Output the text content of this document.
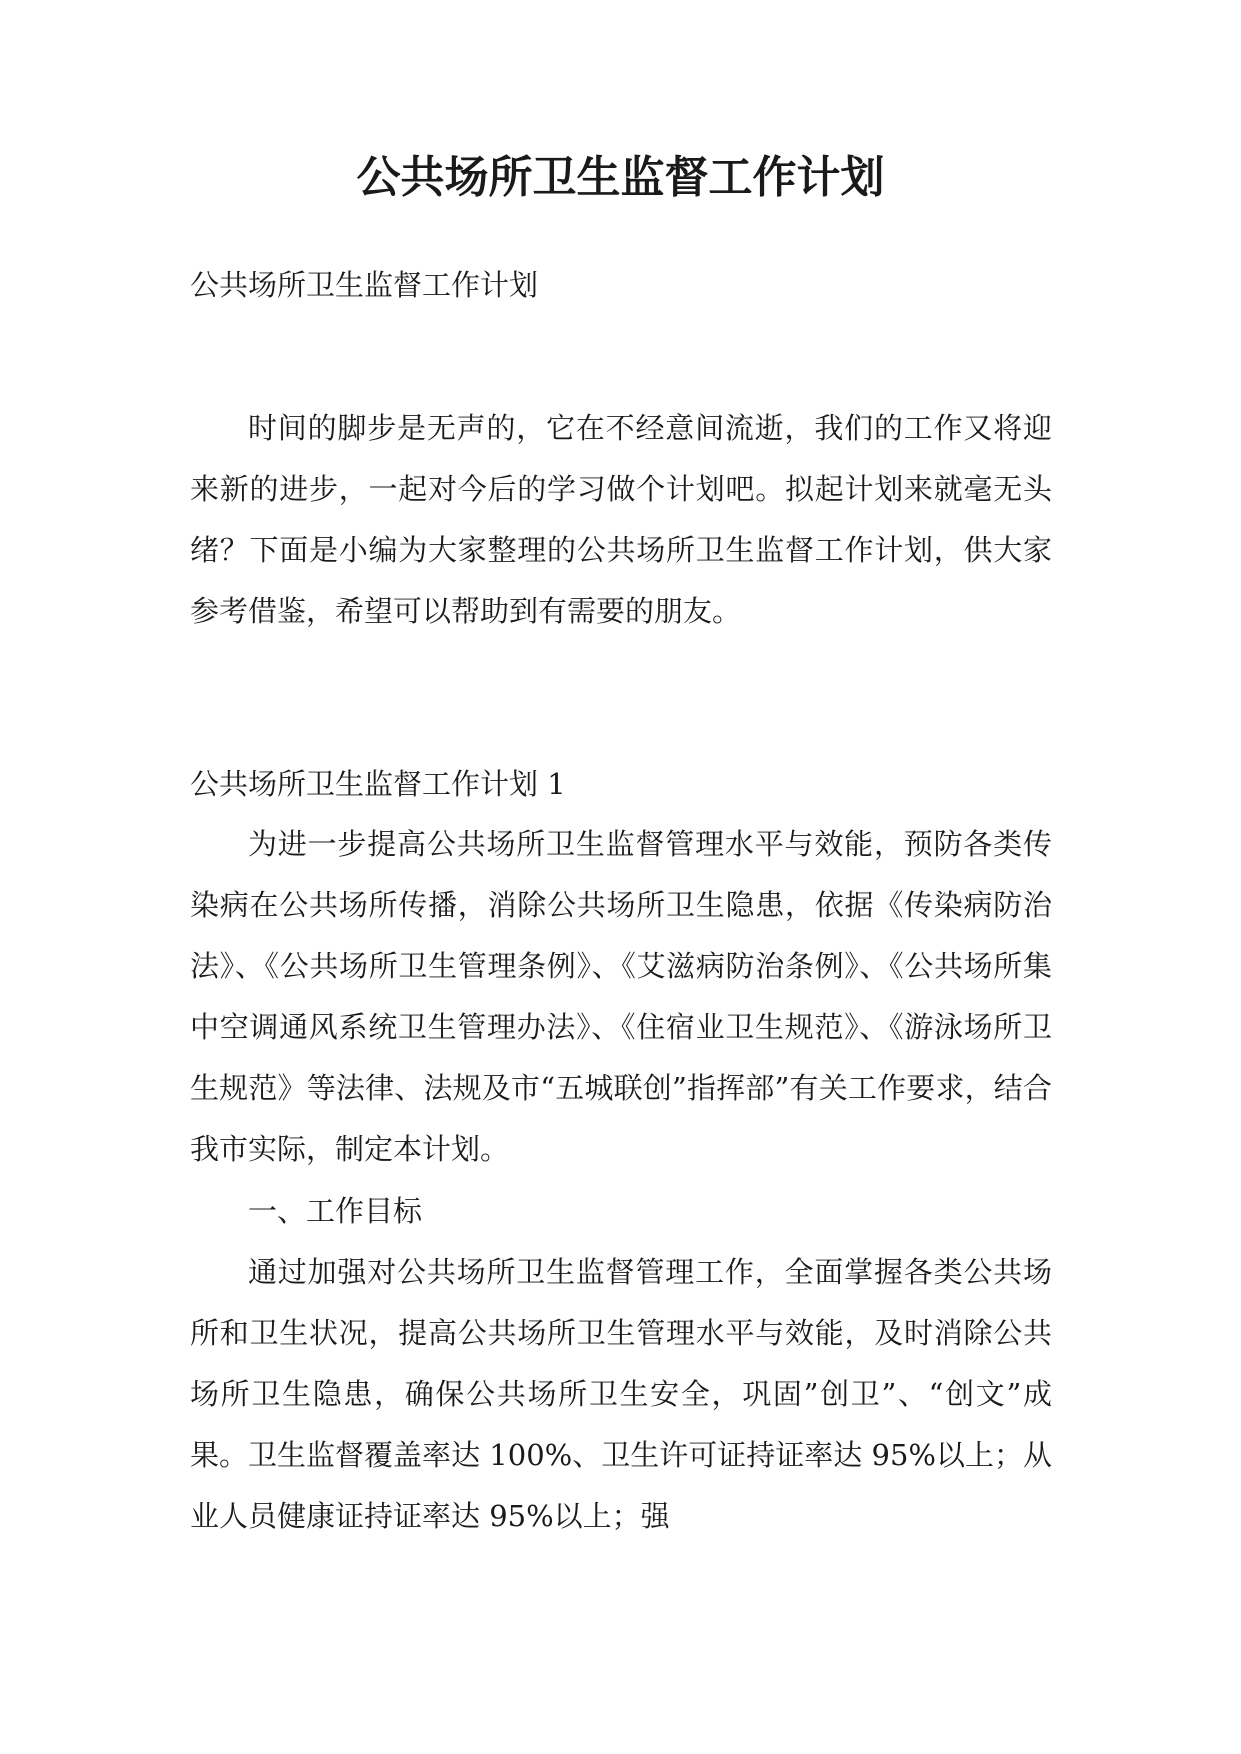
公共场所卫生监督工作计划

公共场所卫生监督工作计划

时间的脚步是无声的，它在不经意间流逝，我们的工作又将迎来新的进步，一起对今后的学习做个计划吧。拟起计划来就毫无头绪？下面是小编为大家整理的公共场所卫生监督工作计划，供大家参考借鉴，希望可以帮助到有需要的朋友。

公共场所卫生监督工作计划 1

为进一步提高公共场所卫生监督管理水平与效能，预防各类传染病在公共场所传播，消除公共场所卫生隐患，依据《传染病防治法》、《公共场所卫生管理条例》、《艾滋病防治条例》、《公共场所集中空调通风系统卫生管理办法》、《住宿业卫生规范》、《游泳场所卫生规范》等法律、法规及市“五城联创”指挥部”有关工作要求，结合我市实际，制定本计划。

一、工作目标

通过加强对公共场所卫生监督管理工作，全面掌握各类公共场所和卫生状况，提高公共场所卫生管理水平与效能，及时消除公共场所卫生隐患，确保公共场所卫生安全，巩固”创卫”、“创文”成果。卫生监督覆盖率达 100%、卫生许可证持证率达 95%以上；从业人员健康证持证率达 95%以上；强
